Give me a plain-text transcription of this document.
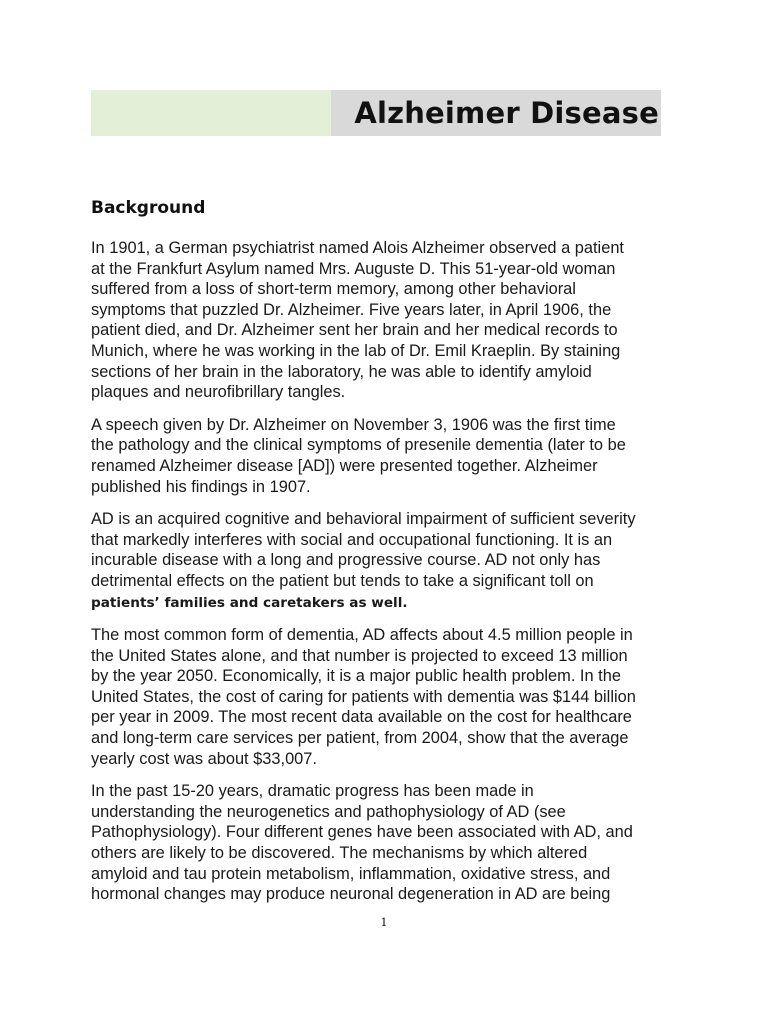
Alzheimer Disease
Background

In 1901, a German psychiatrist named Alois Alzheimer observed a patient
at the Frankfurt Asylum named Mrs. Auguste D. This 51-year-old woman
suffered from a loss of short-term memory, among other behavioral
symptoms that puzzled Dr. Alzheimer. Five years later, in April 1906, the
patient died, and Dr. Alzheimer sent her brain and her medical records to
Munich, where he was working in the lab of Dr. Emil Kraeplin. By staining
sections of her brain in the laboratory, he was able to identify amyloid
plaques and neurofibrillary tangles.

A speech given by Dr. Alzheimer on November 3, 1906 was the first time
the pathology and the clinical symptoms of presenile dementia (later to be
renamed Alzheimer disease [AD]) were presented together. Alzheimer
published his findings in 1907.

AD is an acquired cognitive and behavioral impairment of sufficient severity
that markedly interferes with social and occupational functioning. It is an
incurable disease with a long and progressive course. AD not only has
detrimental effects on the patient but tends to take a significant toll on
patients’ families and caretakers as well.

The most common form of dementia, AD affects about 4.5 million people in
the United States alone, and that number is projected to exceed 13 million
by the year 2050. Economically, it is a major public health problem. In the
United States, the cost of caring for patients with dementia was $144 billion
per year in 2009. The most recent data available on the cost for healthcare
and long-term care services per patient, from 2004, show that the average
yearly cost was about $33,007.

In the past 15-20 years, dramatic progress has been made in
understanding the neurogenetics and pathophysiology of AD (see
Pathophysiology). Four different genes have been associated with AD, and
others are likely to be discovered. The mechanisms by which altered
amyloid and tau protein metabolism, inflammation, oxidative stress, and
hormonal changes may produce neuronal degeneration in AD are being

1
